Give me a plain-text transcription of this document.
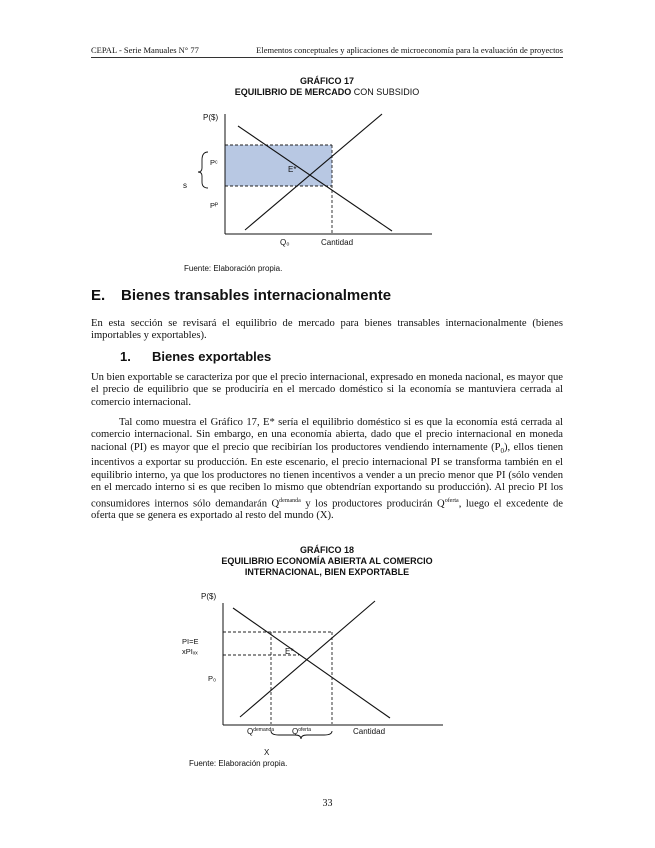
CEPAL - Serie Manuales N° 77	Elementos conceptuales y aplicaciones de microeconomía para la evaluación de proyectos
GRÁFICO 17
EQUILIBRIO DE MERCADO CON SUBSIDIO
P($)
Pᶜ
Pᴾ
s
E*
Q₀	Cantidad
Fuente: Elaboración propia.
E. Bienes transables internacionalmente
En esta sección se revisará el equilibrio de mercado para bienes transables internacionalmente (bienes importables y exportables).
1. Bienes exportables
Un bien exportable se caracteriza por que el precio internacional, expresado en moneda nacional, es mayor que el precio de equilibrio que se produciría en el mercado doméstico si la economía se mantuviera cerrada al comercio internacional.
Tal como muestra el Gráfico 17, E* sería el equilibrio doméstico si es que la economía está cerrada al comercio internacional. Sin embargo, en una economía abierta, dado que el precio internacional en moneda nacional (PI) es mayor que el precio que recibirían los productores vendiendo internamente $(P_0)$, ellos tienen incentivos a exportar su producción. En este escenario, el precio internacional PI se transforma también en el equilibrio interno, ya que los productores no tienen incentivos a vender a un precio menor que PI (sólo venden en el mercado interno si es que reciben lo mismo que obtendrían exportando su producción). Al precio PI los consumidores internos sólo demandarán $Q^{demanda}$ y los productores producirán $Q^{oferta}$, luego el excedente de oferta que se genera es exportado al resto del mundo (X).
GRÁFICO 18
EQUILIBRIO ECONOMÍA ABIERTA AL COMERCIO
INTERNACIONAL, BIEN EXPORTABLE
P($)
PI=E
xPIₓₓ
P₀
E*
$Q^{demanda}$ $Q^{oferta}$	Cantidad
X
Fuente: Elaboración propia.
33
